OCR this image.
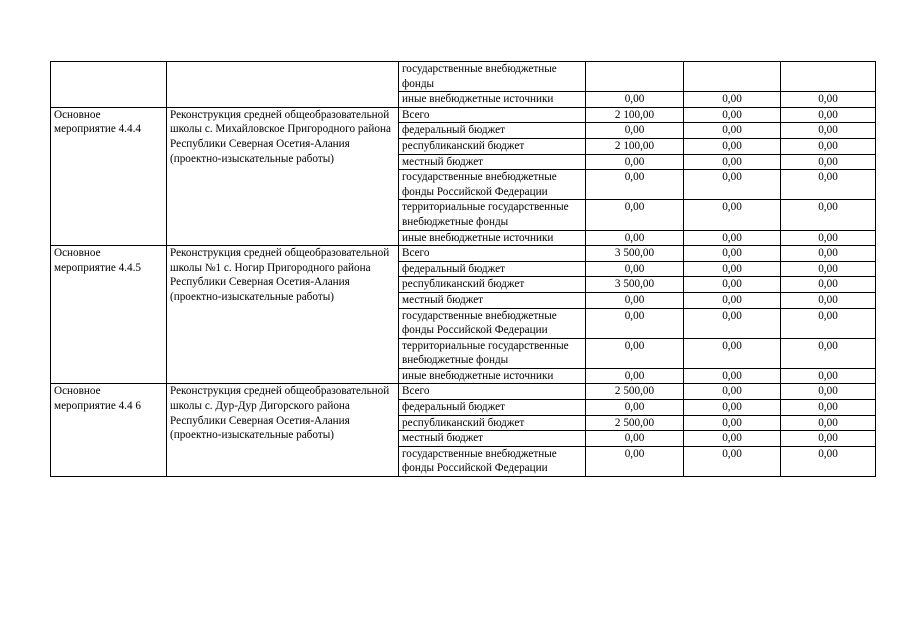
		государственные внебюджетные фонды			
		иные внебюджетные источники	0,00	0,00	0,00
Основное мероприятие 4.4.4	Реконструкция средней общеобразовательной школы с. Михайловское Пригородного района Республики Северная Осетия-Алания (проектно-изыскательные работы)	Всего	2 100,00	0,00	0,00
		федеральный бюджет	0,00	0,00	0,00
		республиканский бюджет	2 100,00	0,00	0,00
		местный бюджет	0,00	0,00	0,00
		государственные внебюджетные фонды Российской Федерации	0,00	0,00	0,00
		территориальные государственные внебюджетные фонды	0,00	0,00	0,00
		иные внебюджетные источники	0,00	0,00	0,00
Основное мероприятие 4.4.5	Реконструкция средней общеобразовательной школы №1 с. Ногир Пригородного района Республики Северная Осетия-Алания (проектно-изыскательные работы)	Всего	3 500,00	0,00	0,00
		федеральный бюджет	0,00	0,00	0,00
		республиканский бюджет	3 500,00	0,00	0,00
		местный бюджет	0,00	0,00	0,00
		государственные внебюджетные фонды Российской Федерации	0,00	0,00	0,00
		территориальные государственные внебюджетные фонды	0,00	0,00	0,00
		иные внебюджетные источники	0,00	0,00	0,00
Основное мероприятие 4.4 6	Реконструкция средней общеобразовательной школы с. Дур-Дур Дигорского района Республики Северная Осетия-Алания (проектно-изыскательные работы)	Всего	2 500,00	0,00	0,00
		федеральный бюджет	0,00	0,00	0,00
		республиканский бюджет	2 500,00	0,00	0,00
		местный бюджет	0,00	0,00	0,00
		государственные внебюджетные фонды Российской Федерации	0,00	0,00	0,00
